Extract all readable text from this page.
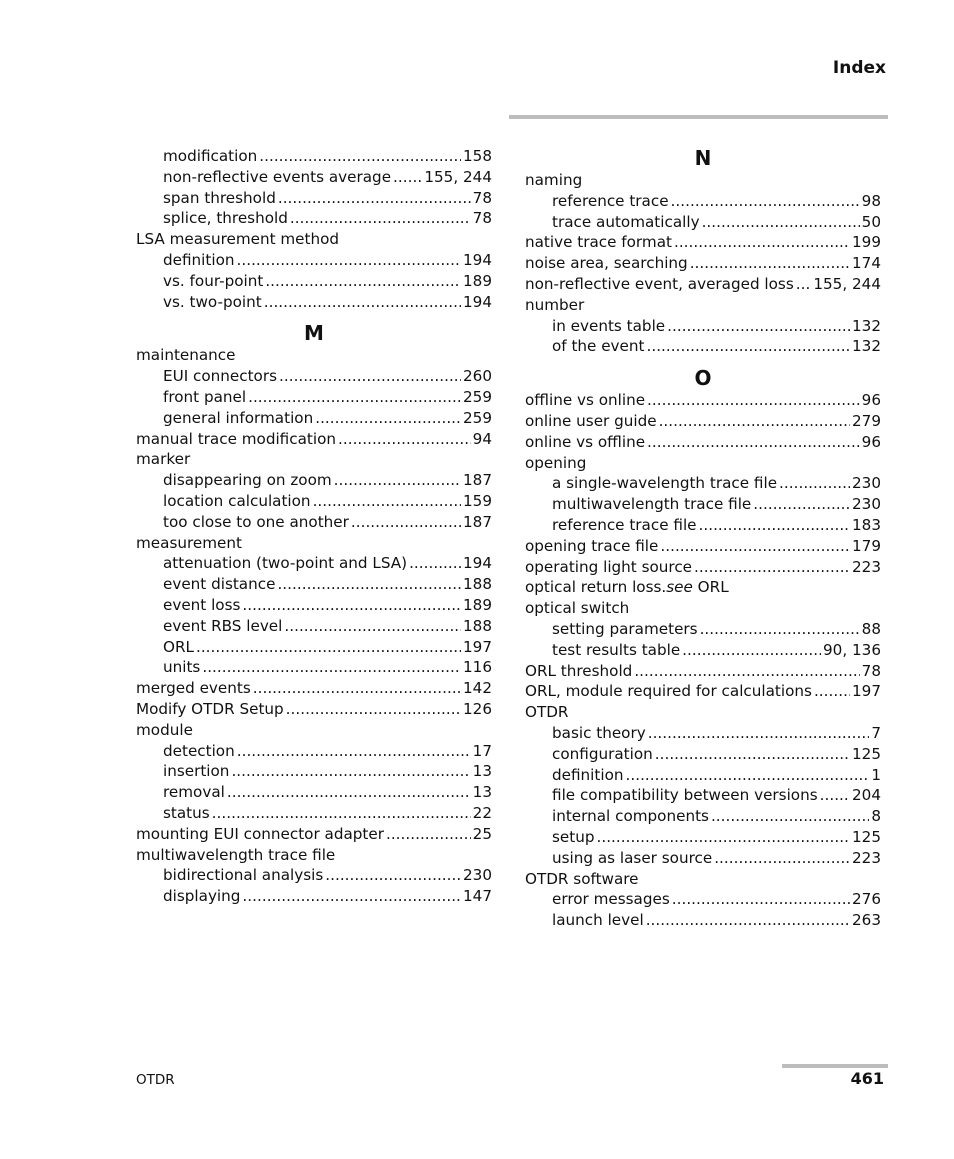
Index
modification . . .	158
non-reflective events average . . . 155, 244
span threshold . . .	78
splice, threshold . . .	78
LSA measurement method
definition . . .	194
vs. four-point . . .	189
vs. two-point . . .	194
M
maintenance
EUI connectors . . .	260
front panel . . .	259
general information . . .	259
manual trace modification . . .	94
marker
disappearing on zoom . . .	187
location calculation . . .	159
too close to one another . . .	187
measurement
attenuation (two-point and LSA) . . .	194
event distance . . .	188
event loss . . .	189
event RBS level . . .	188
ORL . . .	197
units . . .	116
merged events . . .	142
Modify OTDR Setup . . .	126
module
detection . . .	17
insertion . . .	13
removal . . .	13
status . . .	22
mounting EUI connector adapter . . .	25
multiwavelength trace file
bidirectional analysis . . .	230
displaying . . .	147
N
naming
reference trace . . .	98
trace automatically . . .	50
native trace format . . .	199
noise area, searching . . .	174
non-reflective event, averaged loss . . . 155, 244
number
in events table . . .	132
of the event . . .	132
O
offline vs online . . .	96
online user guide . . .	279
online vs offline . . .	96
opening
a single-wavelength trace file . . .	230
multiwavelength trace file . . .	230
reference trace file . . .	183
opening trace file . . .	179
operating light source . . .	223
optical return loss. see ORL
optical switch
setting parameters . . .	88
test results table . . .	90, 136
ORL threshold . . .	78
ORL, module required for calculations . . .	197
OTDR
basic theory . . .	7
configuration . . .	125
definition . . .	1
file compatibility between versions . . . 204
internal components . . .	8
setup . . .	125
using as laser source . . .	223
OTDR software
error messages . . .	276
launch level . . .	263
OTDR	461
